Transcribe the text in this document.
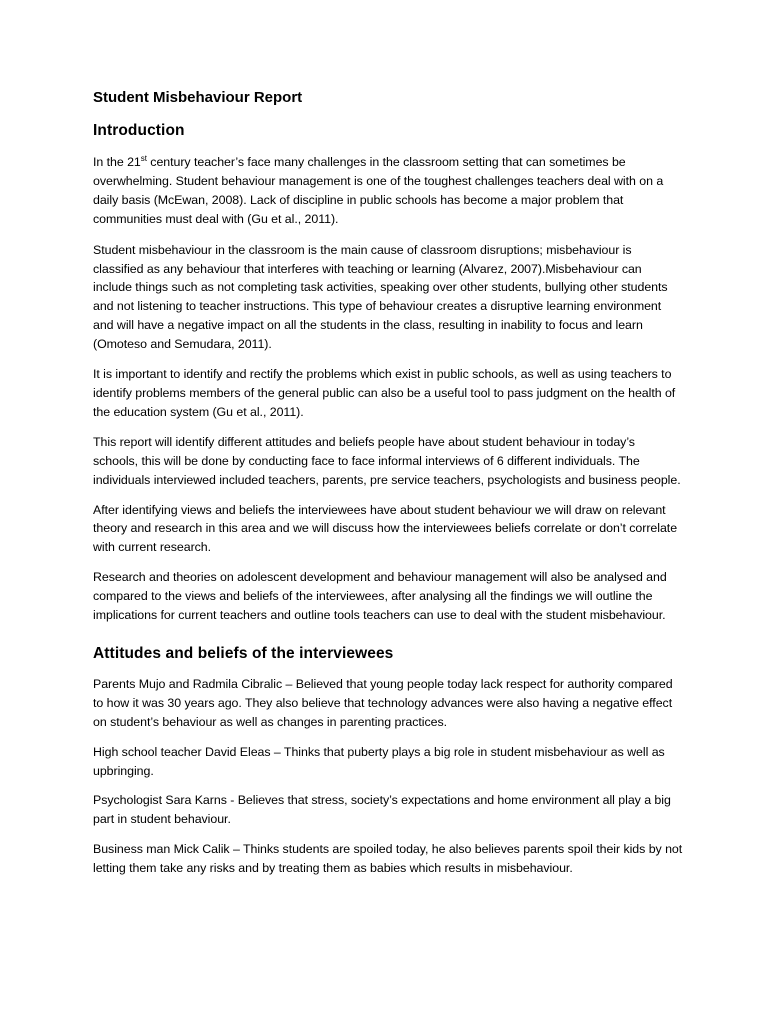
Student Misbehaviour Report
Introduction

In the 21st century teacher’s face many challenges in the classroom setting that can sometimes be overwhelming. Student behaviour management is one of the toughest challenges teachers deal with on a daily basis (McEwan, 2008). Lack of discipline in public schools has become a major problem that communities must deal with (Gu et al., 2011).

Student misbehaviour in the classroom is the main cause of classroom disruptions; misbehaviour is classified as any behaviour that interferes with teaching or learning (Alvarez, 2007).Misbehaviour can include things such as not completing task activities, speaking over other students, bullying other students and not listening to teacher instructions. This type of behaviour creates a disruptive learning environment and will have a negative impact on all the students in the class, resulting in inability to focus and learn (Omoteso and Semudara, 2011).

It is important to identify and rectify the problems which exist in public schools, as well as using teachers to identify problems members of the general public can also be a useful tool to pass judgment on the health of the education system (Gu et al., 2011).

This report will identify different attitudes and beliefs people have about student behaviour in today’s schools, this will be done by conducting face to face informal interviews of 6 different individuals. The individuals interviewed included teachers, parents, pre service teachers, psychologists and business people.

After identifying views and beliefs the interviewees have about student behaviour we will draw on relevant theory and research in this area and we will discuss how the interviewees beliefs correlate or don’t correlate with current research.

Research and theories on adolescent development and behaviour management will also be analysed and compared to the views and beliefs of the interviewees, after analysing all the findings we will outline the implications for current teachers and outline tools teachers can use to deal with the student misbehaviour.

Attitudes and beliefs of the interviewees

Parents Mujo and Radmila Cibralic – Believed that young people today lack respect for authority compared to how it was 30 years ago. They also believe that technology advances were also having a negative effect on student’s behaviour as well as changes in parenting practices.

High school teacher David Eleas – Thinks that puberty plays a big role in student misbehaviour as well as upbringing.

Psychologist Sara Karns - Believes that stress, society’s expectations and home environment all play a big part in student behaviour.

Business man Mick Calik – Thinks students are spoiled today, he also believes parents spoil their kids by not letting them take any risks and by treating them as babies which results in misbehaviour.
